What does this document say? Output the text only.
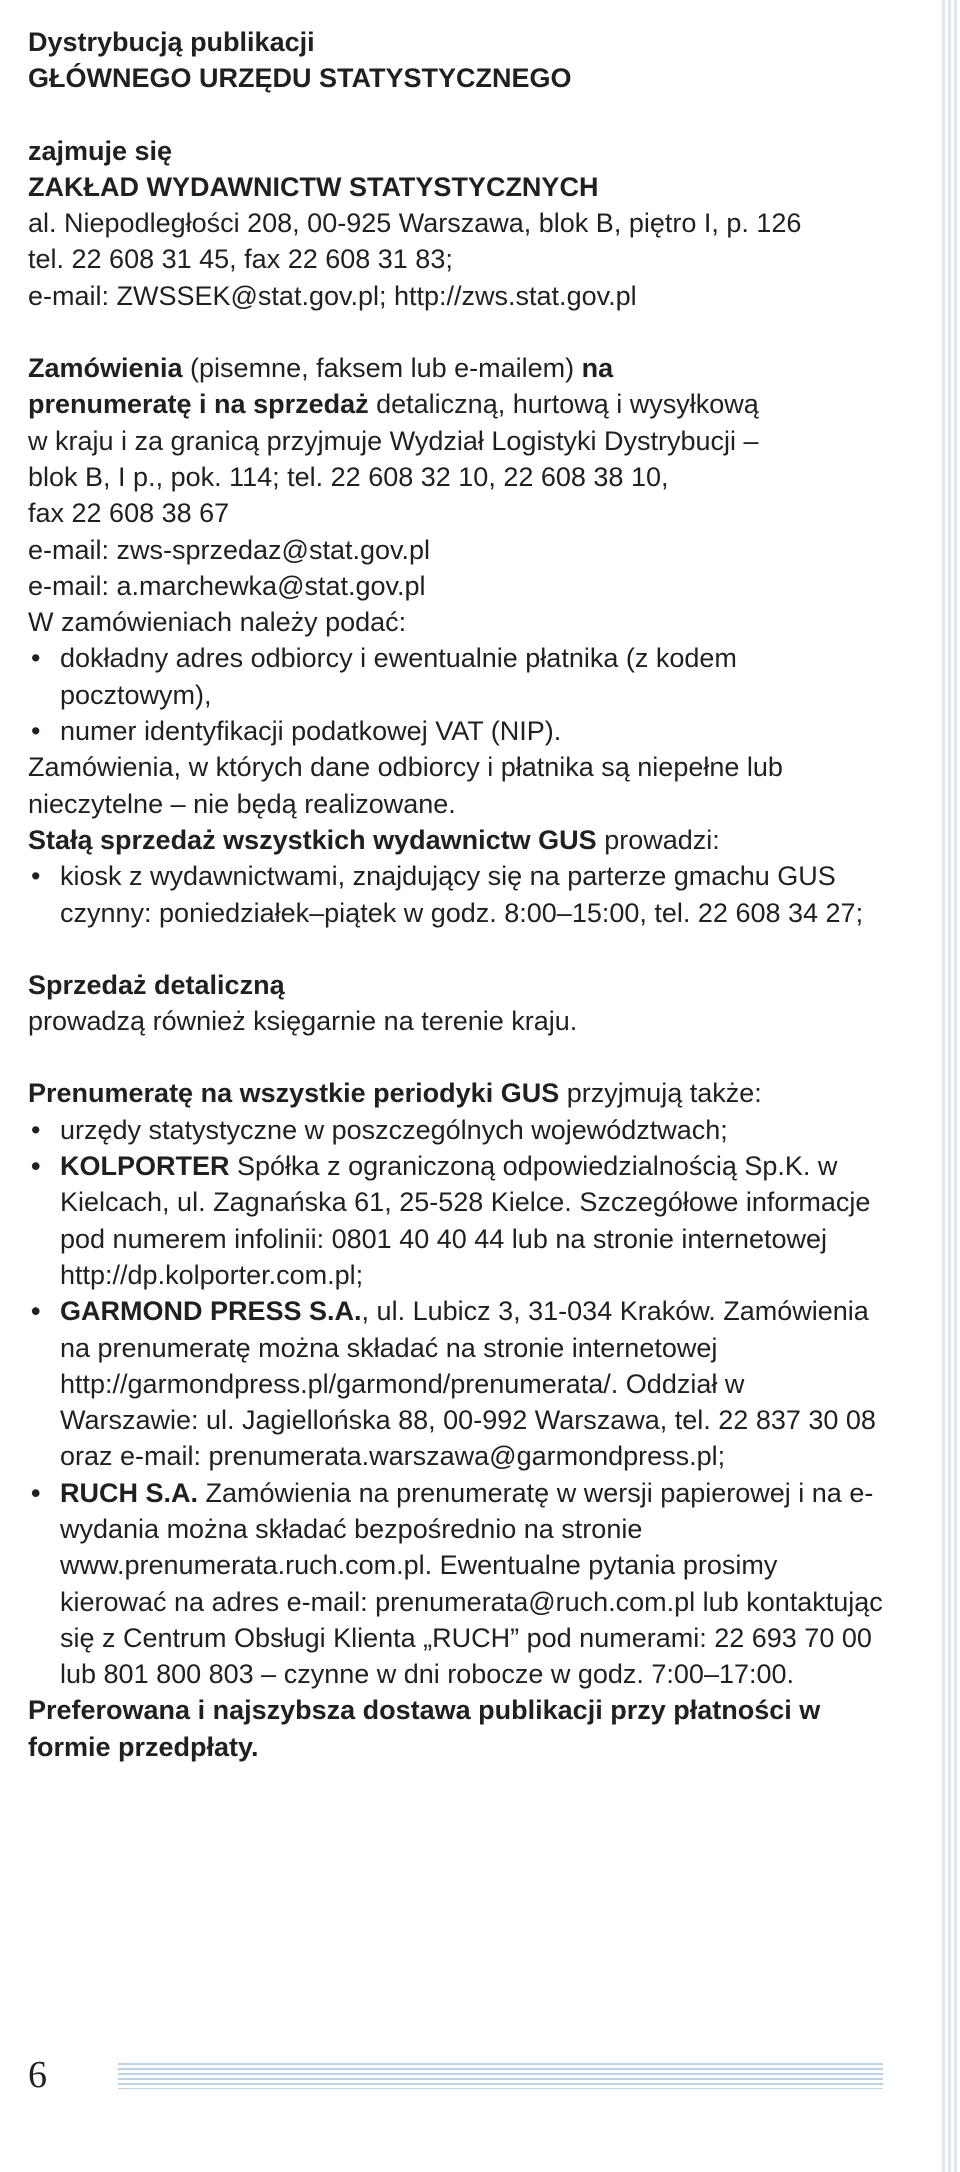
Dystrybucją publikacji

GŁÓWNEGO URZĘDU STATYSTYCZNEGO

zajmuje się

ZAKŁAD WYDAWNICTW STATYSTYCZNYCH

al. Niepodległości 208, 00-925 Warszawa, blok B, piętro I, p. 126

tel. 22 608 31 45, fax 22 608 31 83;

e-mail: ZWSSEK@stat.gov.pl; http://zws.stat.gov.pl

Zamówienia (pisemne, faksem lub e-mailem) na

prenumeratę i na sprzedaż detaliczną, hurtową i wysyłkową

w kraju i za granicą przyjmuje Wydział Logistyki Dystrybucji –

blok B, I p., pok. 114; tel. 22 608 32 10, 22 608 38 10,

fax 22 608 38 67

e-mail: zws-sprzedaz@stat.gov.pl

e-mail: a.marchewka@stat.gov.pl

W zamówieniach należy podać:

• dokładny adres odbiorcy i ewentualnie płatnika (z kodem pocztowym),
• numer identyfikacji podatkowej VAT (NIP).

Zamówienia, w których dane odbiorcy i płatnika są niepełne lub nieczytelne – nie będą realizowane.

Stałą sprzedaż wszystkich wydawnictw GUS prowadzi:

• kiosk z wydawnictwami, znajdujący się na parterze gmachu GUS czynny: poniedziałek–piątek w godz. 8:00–15:00, tel. 22 608 34 27;

Sprzedaż detaliczną

prowadzą również księgarnie na terenie kraju.

Prenumeratę na wszystkie periodyki GUS przyjmują także:

• urzędy statystyczne w poszczególnych województwach;
• KOLPORTER Spółka z ograniczoną odpowiedzialnością Sp.K. w Kielcach, ul. Zagnańska 61, 25-528 Kielce. Szczegółowe informacje pod numerem infolinii: 0801 40 40 44 lub na stronie internetowej http://dp.kolporter.com.pl;
• GARMOND PRESS S.A., ul. Lubicz 3, 31-034 Kraków. Zamówienia na prenumeratę można składać na stronie internetowej http://garmondpress.pl/garmond/prenumerata/. Oddział w Warszawie: ul. Jagiellońska 88, 00-992 Warszawa, tel. 22 837 30 08 oraz e-mail: prenumerata.warszawa@garmondpress.pl;
• RUCH S.A. Zamówienia na prenumeratę w wersji papierowej i na e-wydania można składać bezpośrednio na stronie www.prenumerata.ruch.com.pl. Ewentualne pytania prosimy kierować na adres e-mail: prenumerata@ruch.com.pl lub kontaktując się z Centrum Obsługi Klienta „RUCH” pod numerami: 22 693 70 00 lub 801 800 803 – czynne w dni robocze w godz. 7:00–17:00.

Preferowana i najszybsza dostawa publikacji przy płatności w formie przedpłaty.

6
